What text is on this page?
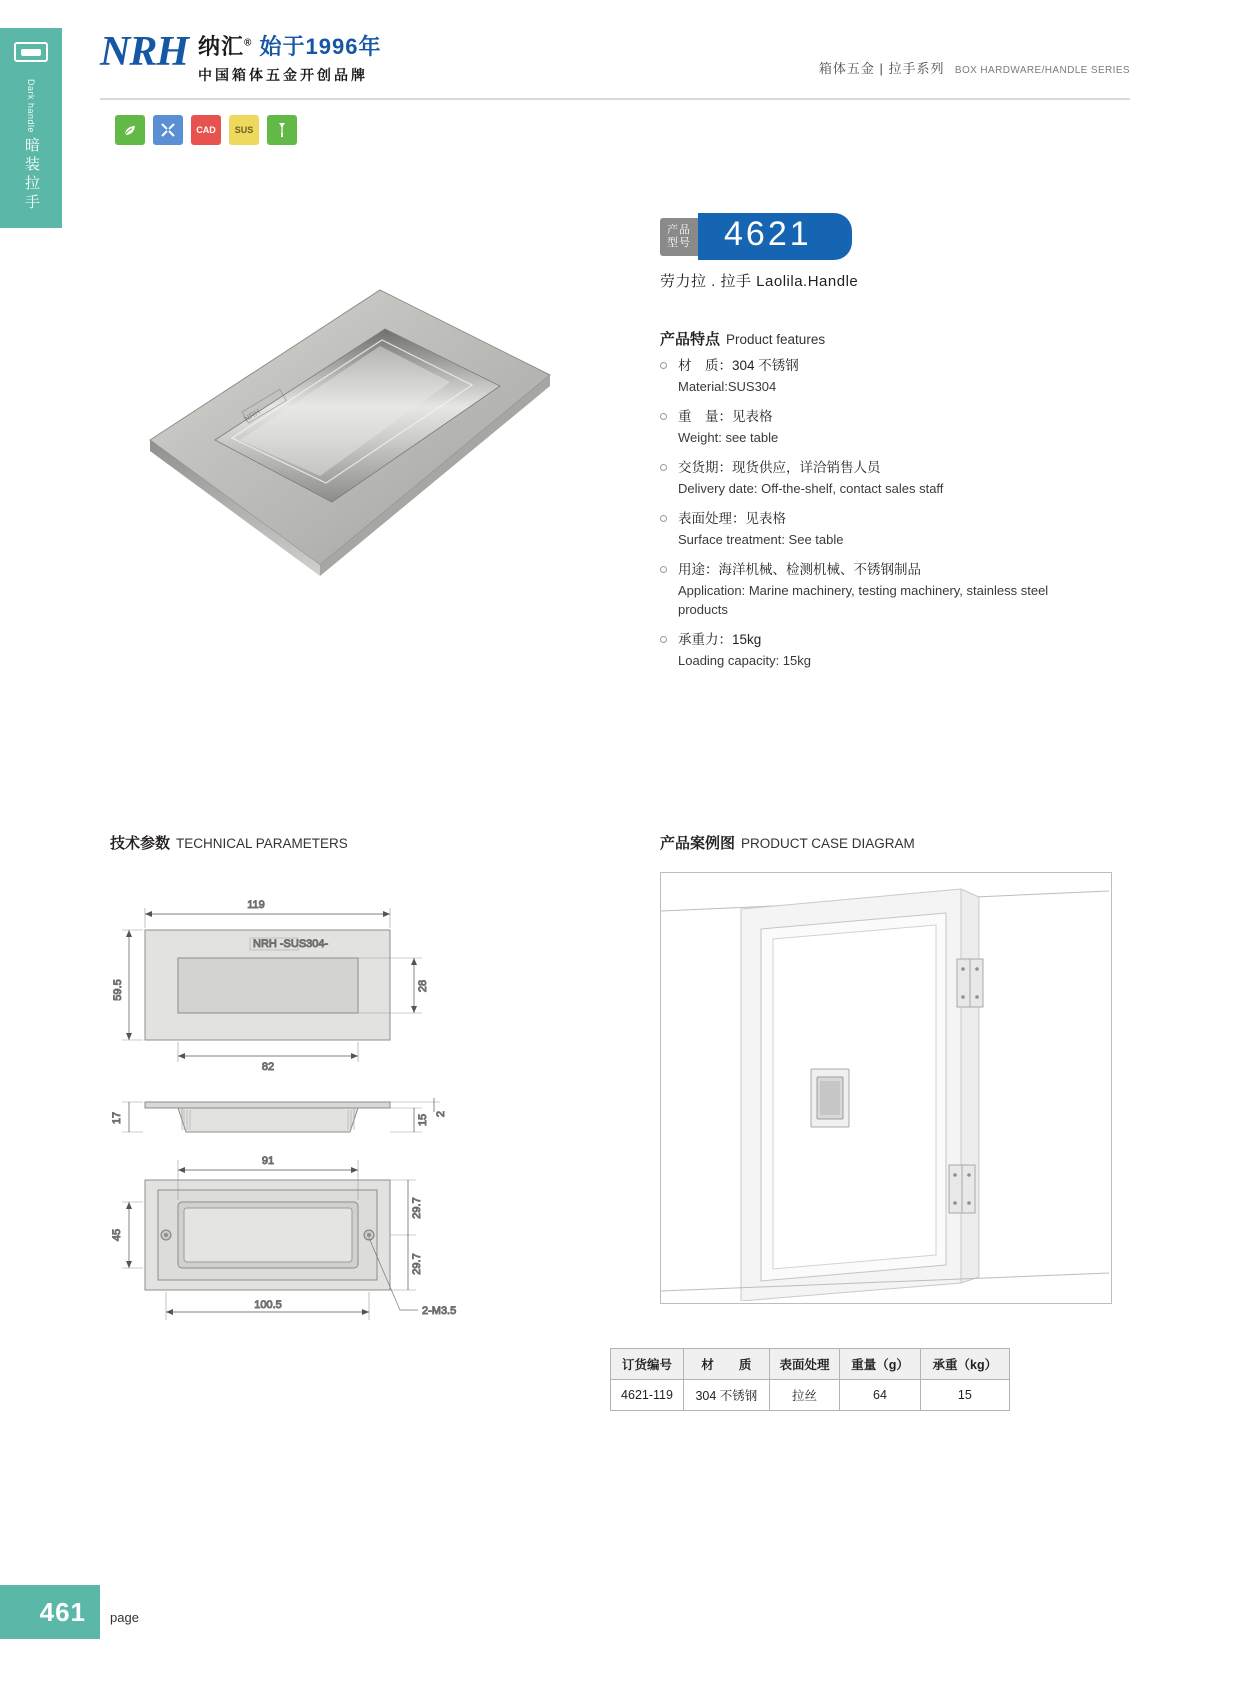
Dark handle
暗装拉手
NRH 纳汇® 始于1996年
中国箱体五金开创品牌	箱体五金 | 拉手系列 BOX HARDWARE/HANDLE SERIES
CAD	SUS
NRH
产品
型号 4621
劳力拉 . 拉手 Laolila.Handle
产品特点 Product features
材　质：304 不锈钢
Material:SUS304
重　量：见表格
Weight: see table
交货期：现货供应，详洽销售人员
Delivery date: Off-the-shelf, contact sales staff
表面处理：见表格
Surface treatment: See table
用途：海洋机械、检测机械、不锈钢制品
Application: Marine machinery, testing machinery, stainless steel products
承重力：15kg
Loading capacity: 15kg
技术参数 TECHNICAL PARAMETERS	产品案例图 PRODUCT CASE DIAGRAM
NRH -SUS304-
119
59.5
82
28
17	15 2
91
45
29.7
29.7
100.5	2-M3.5
订货编号	材　　质	表面处理	重量（g）	承重（kg）
4621-119	304 不锈钢	拉丝	64	15
461 page
